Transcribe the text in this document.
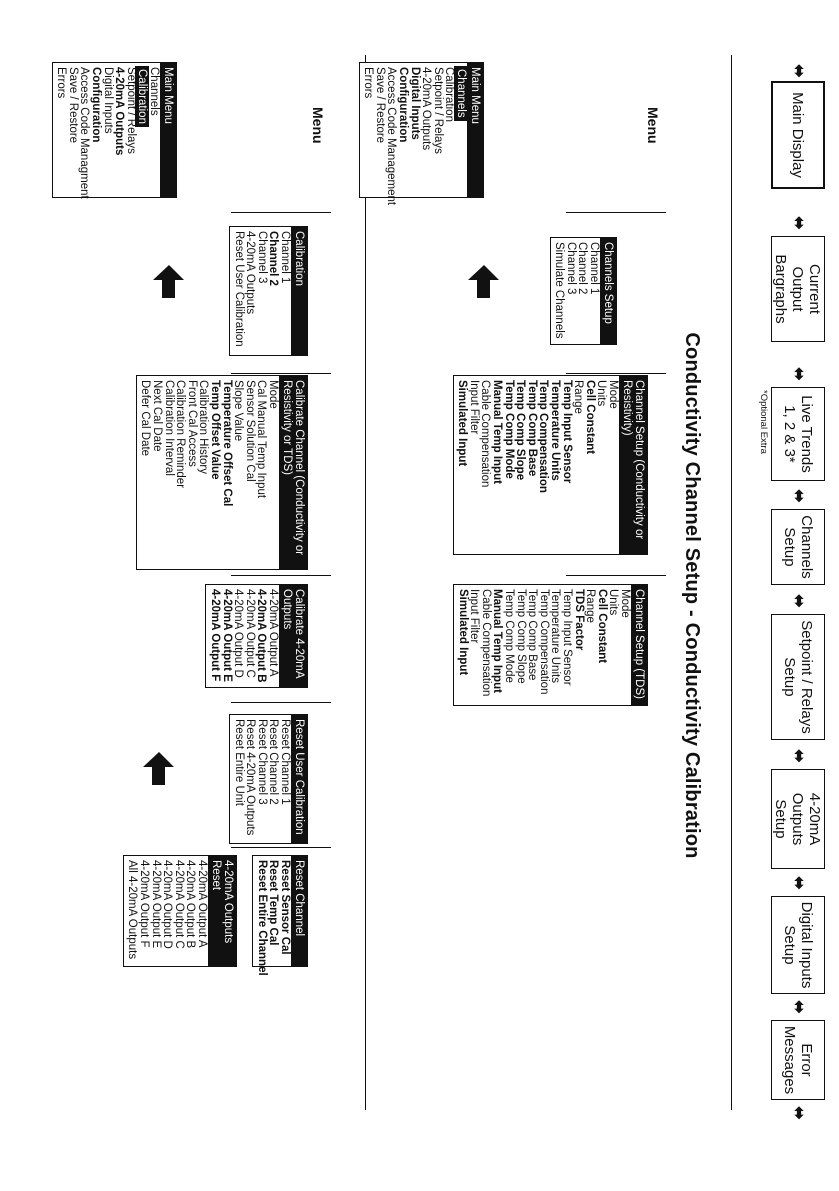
⬌
Main Display
⬌
Current Output Bargraphs
⬌
Live Trends 1, 2 & 3*
*Optional Extra
⬌
Channels Setup
⬌
Setpoint / Relays Setup
⬌
4-20mA Outputs Setup
⬌
Digital Inputs Setup
⬌
Error Messages
⬌
Conductivity Channel Setup - Conductivity Calibration
Menu
Main Menu
Channels
Calibration
Setpoint / Relays
4-20mA Outputs
Digital Inputs
Configuration
Access Code Management
Save / Restore
Errors
Channels Setup
Channel 1
Channel 2
Channel 3
Simulate Channels
Channel Setup (Conductivity or Resistivity)
Mode
Units
Cell Constant
Range
Temp Input Sensor
Temperature Units
Temp Compensation
Temp Comp Base
Temp Comp Slope
Temp Comp Mode
Manual Temp Input
Cable Compensation
Input Filter
Simulated Input
Channel Setup (TDS)
Mode
Units
Cell Constant
Range
TDS Factor
Temp Input Sensor
Temperature Units
Temp Compensation
Temp Comp Base
Temp Comp Slope
Temp Comp Mode
Manual Temp Input
Cable Compensation
Input Filter
Simulated Input
Menu
Main Menu
Channels
Calibration
Setpoint / Relays
4-20mA Outputs
Digital Inputs
Configuration
Access Code Managment
Save / Restore
Errors
Calibration
Channel 1
Channel 2
Channel 3
4-20mA Outputs
Reset User Calibration
Calibrate Channel (Conductivity or Resistivity or TDS)
Mode
Cal Manual Temp Input
Sensor Solution Cal
Slope Value
Temperature Offset Cal
Temp Offset Value
Calibration History
Front Cal Access
Calibration Reminder
Calibration Interval
Next Cal Date
Defer Cal Date
Calibrate 4-20mA Outputs
4-20mA Output A
4-20mA Output B
4-20mA Output C
4-20mA Output D
4-20mA Output E
4-20mA Output F
Reset User Calibration
Reset Channel 1
Reset Channel 2
Reset Channel 3
Reset 4-20mA Outputs
Reset Entire Unit
Reset Channel
Reset Sensor Cal
Reset Temp Cal
Reset Entire Channel
4-20mA Outputs Reset
4-20mA Output A
4-20mA Output B
4-20mA Output C
4-20mA Output D
4-20mA Output E
4-20mA Output F
All 4-20mA Outputs
